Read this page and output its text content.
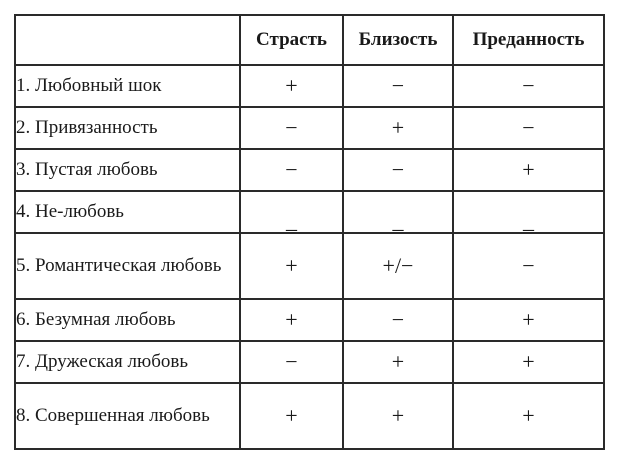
	Страсть	Близость	Преданность
1. Любовный шок	+	−	−
2. Привязанность	−	+	−
3. Пустая любовь	−	−	+
4. Не-любовь	_	_	_
5. Романтическая любовь	+	+/−	−
6. Безумная любовь	+	−	+
7. Дружеская любовь	−	+	+
8. Совершенная любовь	+	+	+
